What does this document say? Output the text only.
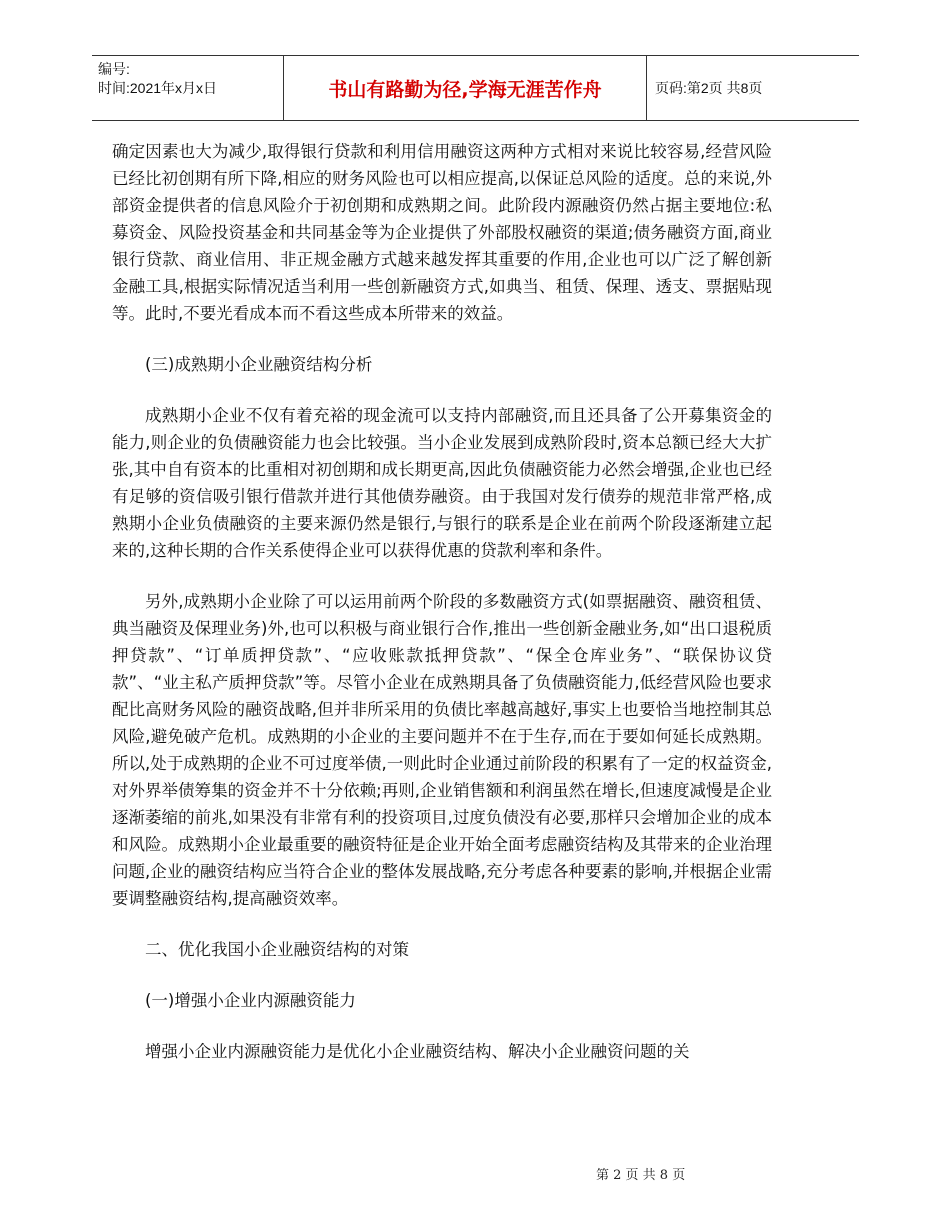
编号:
时间:2021年x月x日	书山有路勤为径,学海无涯苦作舟	页码:第2页 共8页

确定因素也大为减少,取得银行贷款和利用信用融资这两种方式相对来说比较容易,经营风险已经比初创期有所下降,相应的财务风险也可以相应提高,以保证总风险的适度。总的来说,外部资金提供者的信息风险介于初创期和成熟期之间。此阶段内源融资仍然占据主要地位:私募资金、风险投资基金和共同基金等为企业提供了外部股权融资的渠道;债务融资方面,商业银行贷款、商业信用、非正规金融方式越来越发挥其重要的作用,企业也可以广泛了解创新金融工具,根据实际情况适当利用一些创新融资方式,如典当、租赁、保理、透支、票据贴现等。此时,不要光看成本而不看这些成本所带来的效益。

(三)成熟期小企业融资结构分析

成熟期小企业不仅有着充裕的现金流可以支持内部融资,而且还具备了公开募集资金的能力,则企业的负债融资能力也会比较强。当小企业发展到成熟阶段时,资本总额已经大大扩张,其中自有资本的比重相对初创期和成长期更高,因此负债融资能力必然会增强,企业也已经有足够的资信吸引银行借款并进行其他债券融资。由于我国对发行债券的规范非常严格,成熟期小企业负债融资的主要来源仍然是银行,与银行的联系是企业在前两个阶段逐渐建立起来的,这种长期的合作关系使得企业可以获得优惠的贷款利率和条件。

另外,成熟期小企业除了可以运用前两个阶段的多数融资方式(如票据融资、融资租赁、典当融资及保理业务)外,也可以积极与商业银行合作,推出一些创新金融业务,如“出口退税质押贷款”、“订单质押贷款”、“应收账款抵押贷款”、“保全仓库业务”、“联保协议贷款”、“业主私产质押贷款”等。尽管小企业在成熟期具备了负债融资能力,低经营风险也要求配比高财务风险的融资战略,但并非所采用的负债比率越高越好,事实上也要恰当地控制其总风险,避免破产危机。成熟期的小企业的主要问题并不在于生存,而在于要如何延长成熟期。所以,处于成熟期的企业不可过度举债,一则此时企业通过前阶段的积累有了一定的权益资金,对外界举债筹集的资金并不十分依赖;再则,企业销售额和利润虽然在增长,但速度减慢是企业逐渐萎缩的前兆,如果没有非常有利的投资项目,过度负债没有必要,那样只会增加企业的成本和风险。成熟期小企业最重要的融资特征是企业开始全面考虑融资结构及其带来的企业治理问题,企业的融资结构应当符合企业的整体发展战略,充分考虑各种要素的影响,并根据企业需要调整融资结构,提高融资效率。

二、优化我国小企业融资结构的对策

(一)增强小企业内源融资能力

增强小企业内源融资能力是优化小企业融资结构、解决小企业融资问题的关

第 2 页 共 8 页
